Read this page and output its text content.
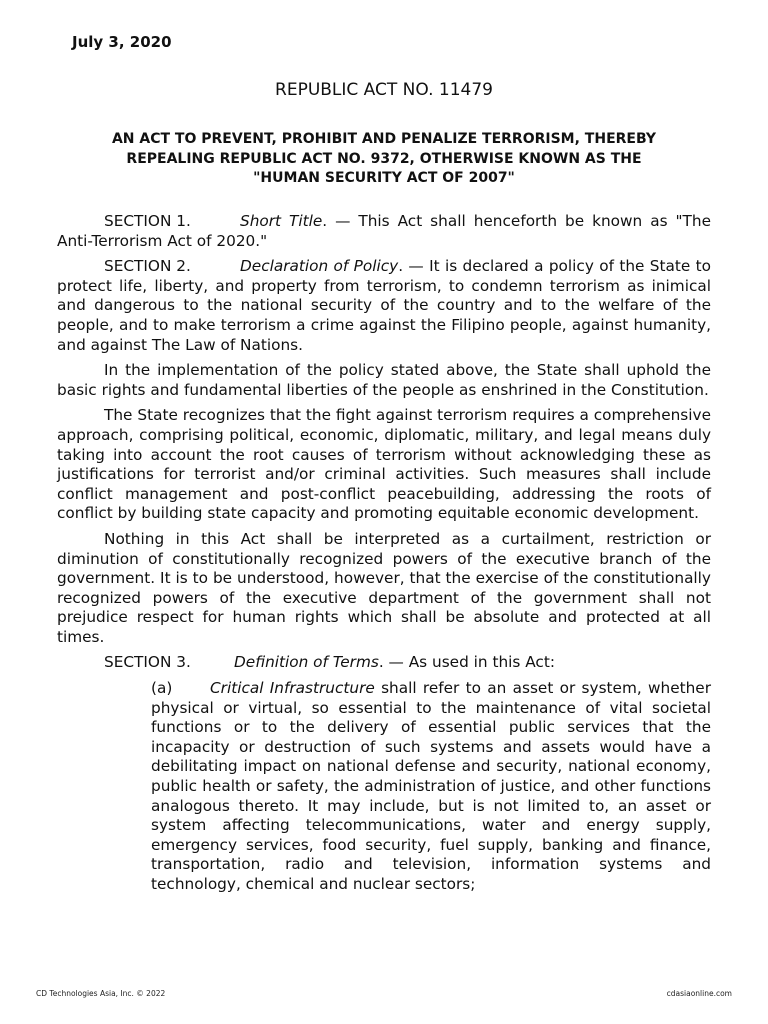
July 3, 2020
REPUBLIC ACT NO. 11479
AN ACT TO PREVENT, PROHIBIT AND PENALIZE TERRORISM, THEREBY
REPEALING REPUBLIC ACT NO. 9372, OTHERWISE KNOWN AS THE
"HUMAN SECURITY ACT OF 2007"

SECTION 1.	Short Title. — This Act shall henceforth be known as "The Anti-Terrorism Act of 2020."

SECTION 2.	Declaration of Policy. — It is declared a policy of the State to protect life, liberty, and property from terrorism, to condemn terrorism as inimical and dangerous to the national security of the country and to the welfare of the people, and to make terrorism a crime against the Filipino people, against humanity, and against The Law of Nations.

In the implementation of the policy stated above, the State shall uphold the basic rights and fundamental liberties of the people as enshrined in the Constitution.

The State recognizes that the fight against terrorism requires a comprehensive approach, comprising political, economic, diplomatic, military, and legal means duly taking into account the root causes of terrorism without acknowledging these as justifications for terrorist and/or criminal activities. Such measures shall include conflict management and post-conflict peacebuilding, addressing the roots of conflict by building state capacity and promoting equitable economic development.

Nothing in this Act shall be interpreted as a curtailment, restriction or diminution of constitutionally recognized powers of the executive branch of the government. It is to be understood, however, that the exercise of the constitutionally recognized powers of the executive department of the government shall not prejudice respect for human rights which shall be absolute and protected at all times.

SECTION 3.	Definition of Terms. — As used in this Act:

(a) Critical Infrastructure shall refer to an asset or system, whether physical or virtual, so essential to the maintenance of vital societal functions or to the delivery of essential public services that the incapacity or destruction of such systems and assets would have a debilitating impact on national defense and security, national economy, public health or safety, the administration of justice, and other functions analogous thereto. It may include, but is not limited to, an asset or system affecting telecommunications, water and energy supply, emergency services, food security, fuel supply, banking and finance, transportation, radio and television, information systems and technology, chemical and nuclear sectors;

CD Technologies Asia, Inc. © 2022	cdasiaonline.com
